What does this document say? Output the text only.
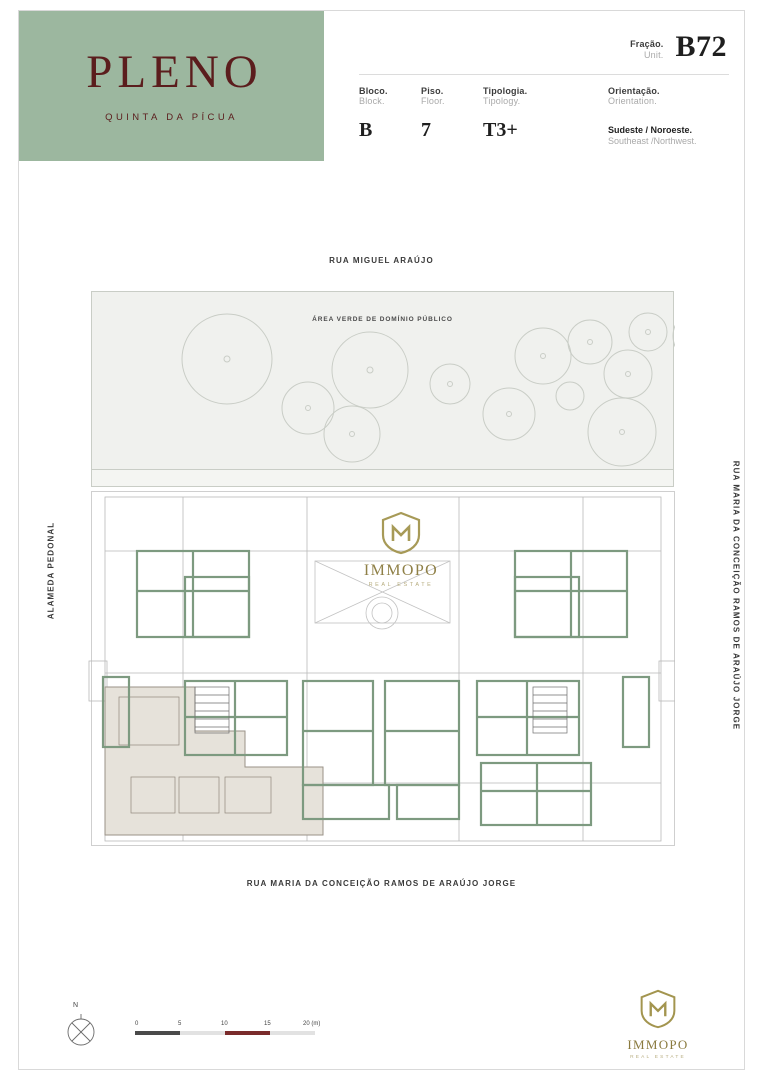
PLENO
QUINTA DA PÍCUA
Fração.
Unit. B72
Bloco.
Block.
B
Piso.
Floor.
7
Tipologia.
Tipology.
T3+
Orientação.
Orientation.
Sudeste / Noroeste.
Southeast /Northwest.
RUA MIGUEL ARAÚJO
RUA MARIA DA CONCEIÇÃO RAMOS DE ARAÚJO JORGE
ALAMEDA PEDONAL	RUA MARIA DA CONCEIÇÃO RAMOS DE ARAÚJO JORGE
ÁREA VERDE DE DOMÍNIO PÚBLICO
IMMOPO
REAL ESTATE
N
0	5	10	15	20 (m)
IMMOPO
REAL ESTATE
